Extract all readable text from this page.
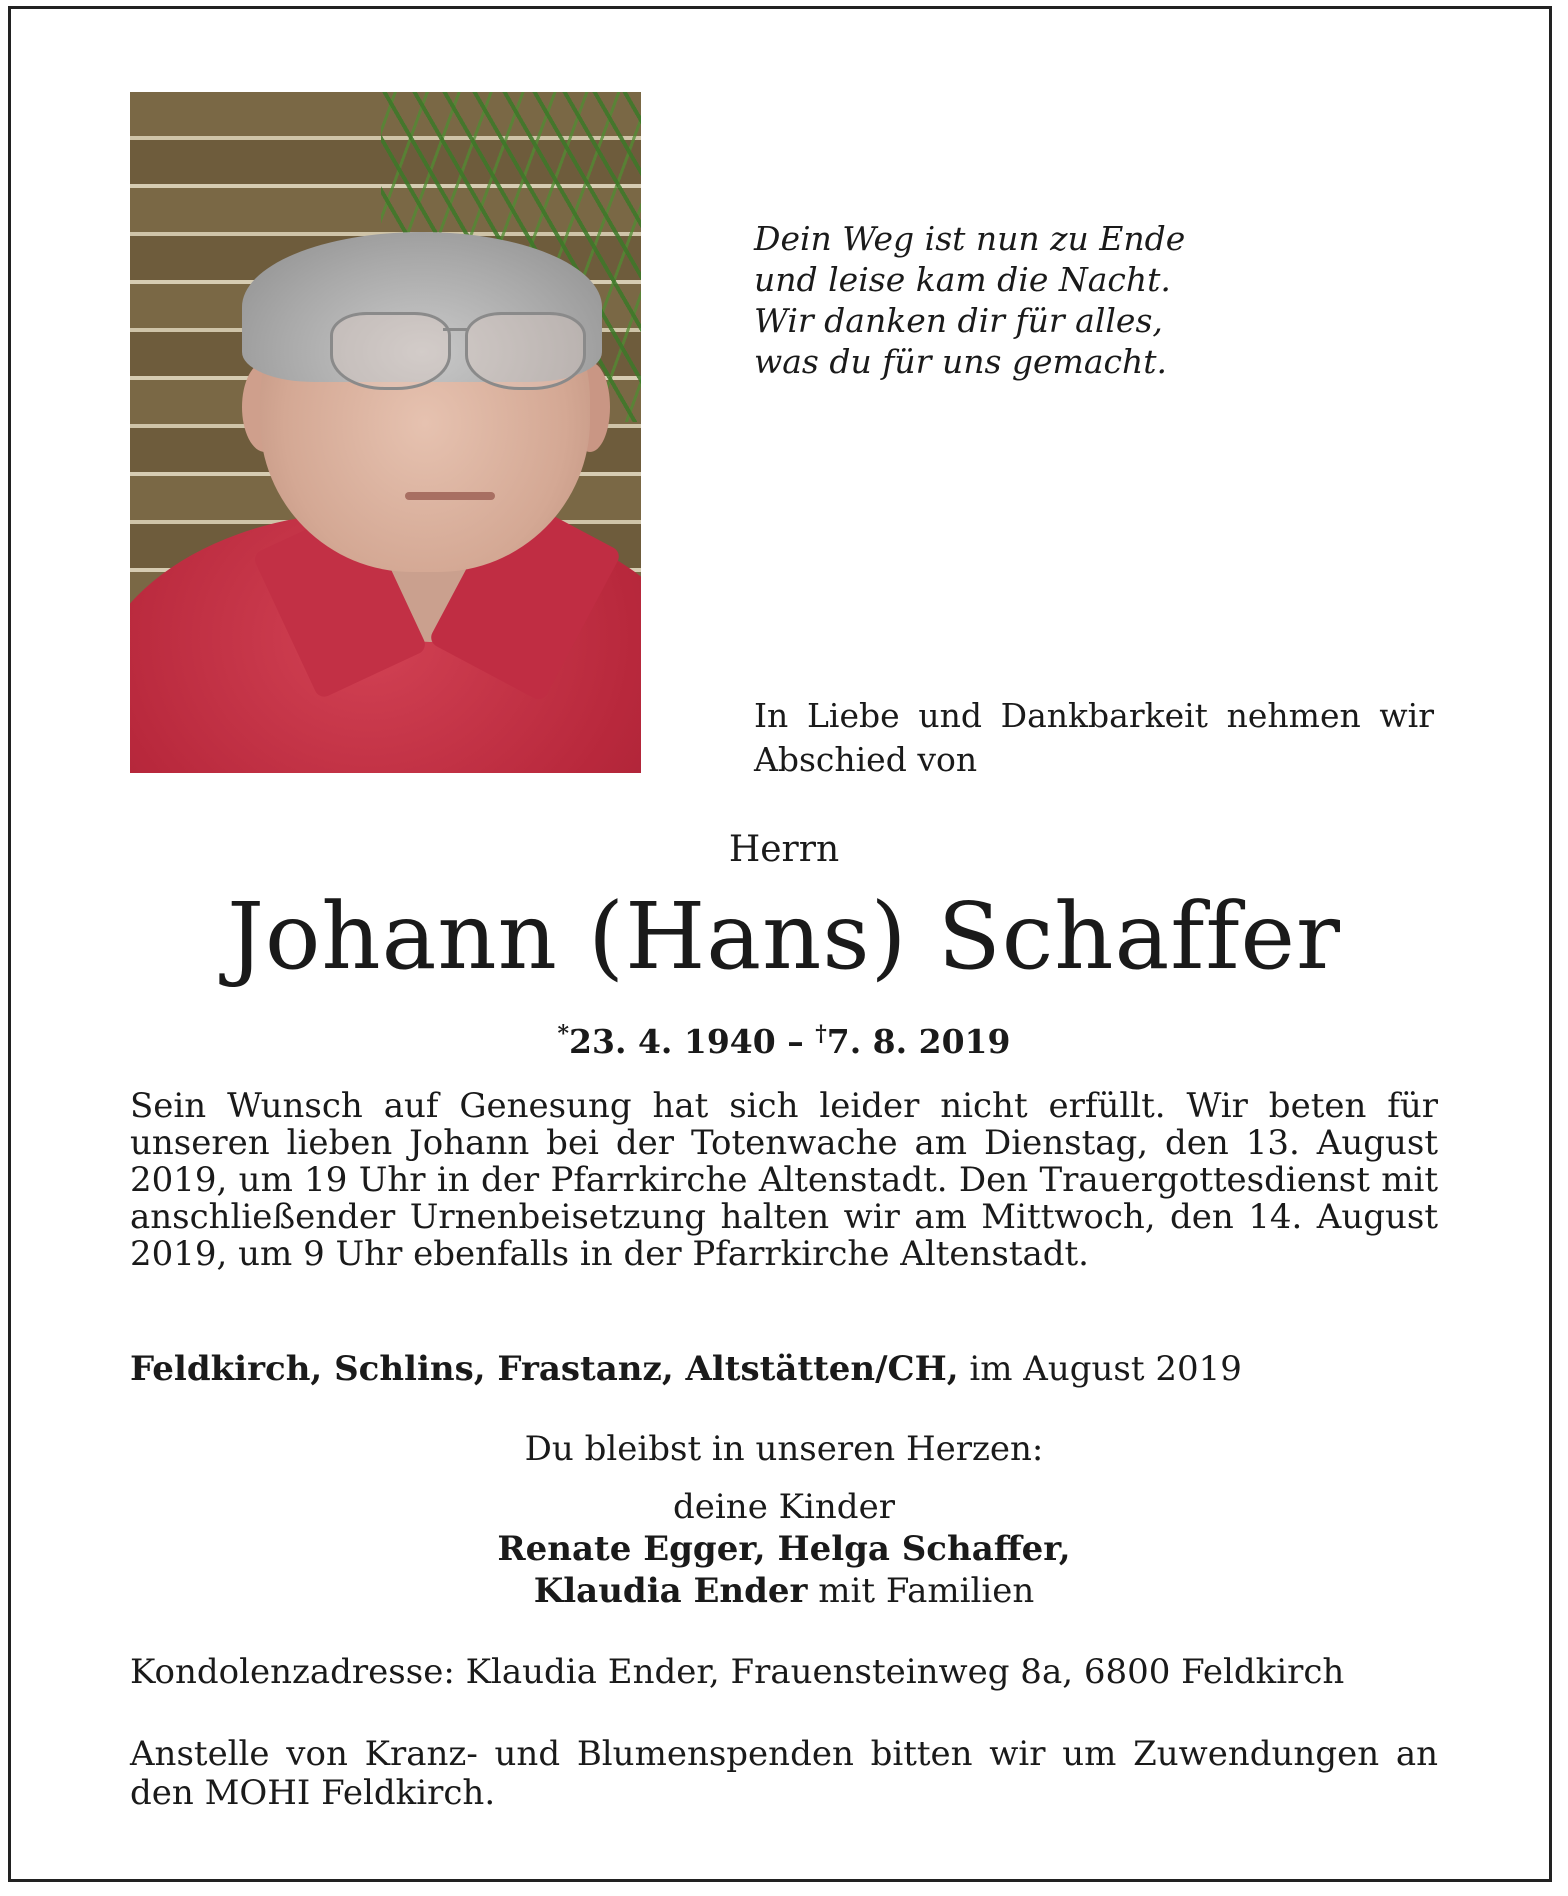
Dein Weg ist nun zu Ende
und leise kam die Nacht.
Wir danken dir für alles,
was du für uns gemacht.
In Liebe und Dankbarkeit nehmen wir Abschied von
Herrn
Johann (Hans) Schaffer
*23. 4. 1940 – †7. 8. 2019
Sein Wunsch auf Genesung hat sich leider nicht erfüllt. Wir beten für unseren lieben Johann bei der Totenwache am Dienstag, den 13. August 2019, um 19 Uhr in der Pfarrkirche Altenstadt. Den Trauergottesdienst mit anschließender Urnenbeisetzung halten wir am Mittwoch, den 14. August 2019, um 9 Uhr ebenfalls in der Pfarrkirche Altenstadt.
Feldkirch, Schlins, Frastanz, Altstätten/CH, im August 2019
Du bleibst in unseren Herzen:
deine Kinder
Renate Egger, Helga Schaffer,
Klaudia Ender mit Familien
Kondolenzadresse: Klaudia Ender, Frauensteinweg 8a, 6800 Feldkirch
Anstelle von Kranz- und Blumenspenden bitten wir um Zuwendungen an den MOHI Feldkirch.
